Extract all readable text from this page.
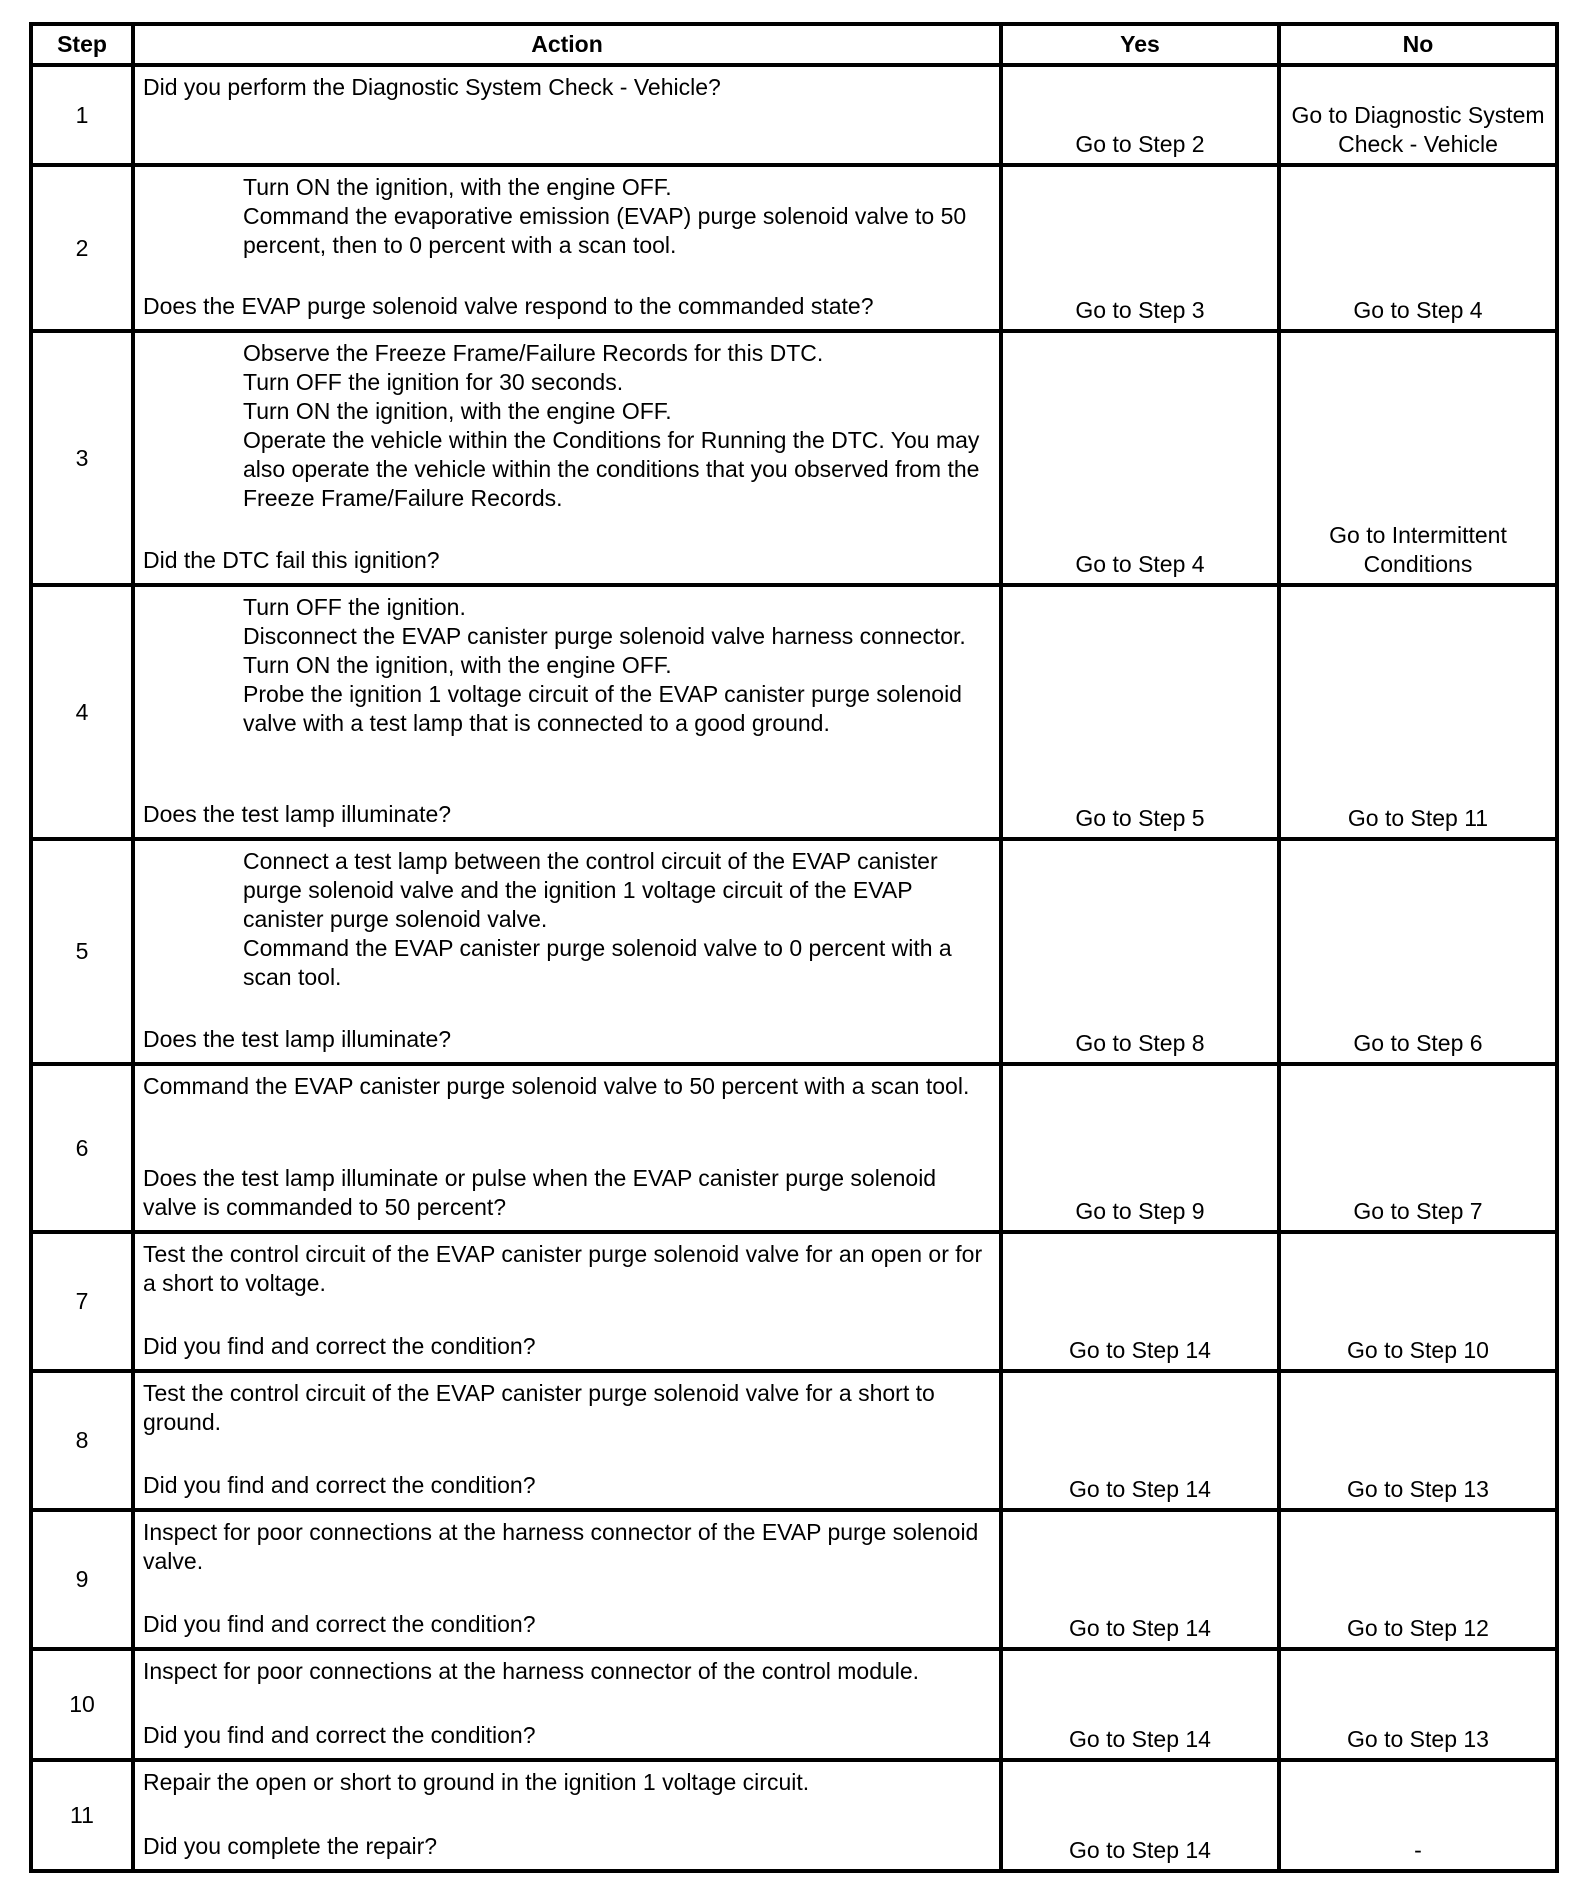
Step	Action	Yes	No
1	Did you perform the Diagnostic System Check - Vehicle?	Go to Step 2	Go to Diagnostic System Check - Vehicle
2	Turn ON the ignition, with the engine OFF.
Command the evaporative emission (EVAP) purge solenoid valve to 50 percent, then to 0 percent with a scan tool.
Does the EVAP purge solenoid valve respond to the commanded state?	Go to Step 3	Go to Step 4
3	Observe the Freeze Frame/Failure Records for this DTC.
Turn OFF the ignition for 30 seconds.
Turn ON the ignition, with the engine OFF.
Operate the vehicle within the Conditions for Running the DTC. You may also operate the vehicle within the conditions that you observed from the Freeze Frame/Failure Records.
Did the DTC fail this ignition?	Go to Step 4	Go to Intermittent Conditions
4	Turn OFF the ignition.
Disconnect the EVAP canister purge solenoid valve harness connector.
Turn ON the ignition, with the engine OFF.
Probe the ignition 1 voltage circuit of the EVAP canister purge solenoid valve with a test lamp that is connected to a good ground.
Does the test lamp illuminate?	Go to Step 5	Go to Step 11
5	Connect a test lamp between the control circuit of the EVAP canister purge solenoid valve and the ignition 1 voltage circuit of the EVAP canister purge solenoid valve.
Command the EVAP canister purge solenoid valve to 0 percent with a scan tool.
Does the test lamp illuminate?	Go to Step 8	Go to Step 6
6	Command the EVAP canister purge solenoid valve to 50 percent with a scan tool.
Does the test lamp illuminate or pulse when the EVAP canister purge solenoid valve is commanded to 50 percent?	Go to Step 9	Go to Step 7
7	Test the control circuit of the EVAP canister purge solenoid valve for an open or for a short to voltage.
Did you find and correct the condition?	Go to Step 14	Go to Step 10
8	Test the control circuit of the EVAP canister purge solenoid valve for a short to ground.
Did you find and correct the condition?	Go to Step 14	Go to Step 13
9	Inspect for poor connections at the harness connector of the EVAP purge solenoid valve.
Did you find and correct the condition?	Go to Step 14	Go to Step 12
10	Inspect for poor connections at the harness connector of the control module.
Did you find and correct the condition?	Go to Step 14	Go to Step 13
11	Repair the open or short to ground in the ignition 1 voltage circuit.
Did you complete the repair?	Go to Step 14	-
